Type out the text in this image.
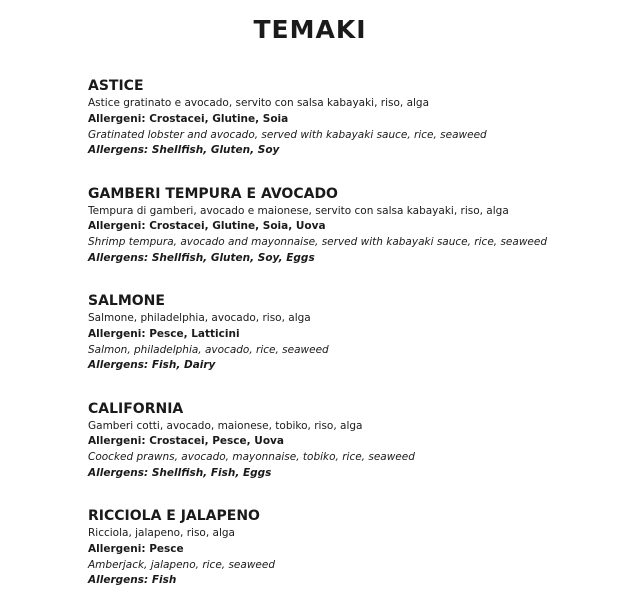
TEMAKI
ASTICE
Astice gratinato e avocado, servito con salsa kabayaki, riso, alga
Allergeni: Crostacei, Glutine, Soia
Gratinated lobster and avocado, served with kabayaki sauce, rice, seaweed
Allergens: Shellfish, Gluten, Soy
GAMBERI TEMPURA E AVOCADO
Tempura di gamberi, avocado e maionese, servito con salsa kabayaki, riso, alga
Allergeni: Crostacei, Glutine, Soia, Uova
Shrimp tempura, avocado and mayonnaise, served with kabayaki sauce, rice, seaweed
Allergens: Shellfish, Gluten, Soy, Eggs
SALMONE
Salmone, philadelphia, avocado, riso, alga
Allergeni: Pesce, Latticini
Salmon, philadelphia, avocado, rice, seaweed
Allergens: Fish, Dairy
CALIFORNIA
Gamberi cotti, avocado, maionese, tobiko, riso, alga
Allergeni: Crostacei, Pesce, Uova
Coocked prawns, avocado, mayonnaise, tobiko, rice, seaweed
Allergens: Shellfish, Fish, Eggs
RICCIOLA E JALAPENO
Ricciola, jalapeno, riso, alga
Allergeni: Pesce
Amberjack, jalapeno, rice, seaweed
Allergens: Fish
